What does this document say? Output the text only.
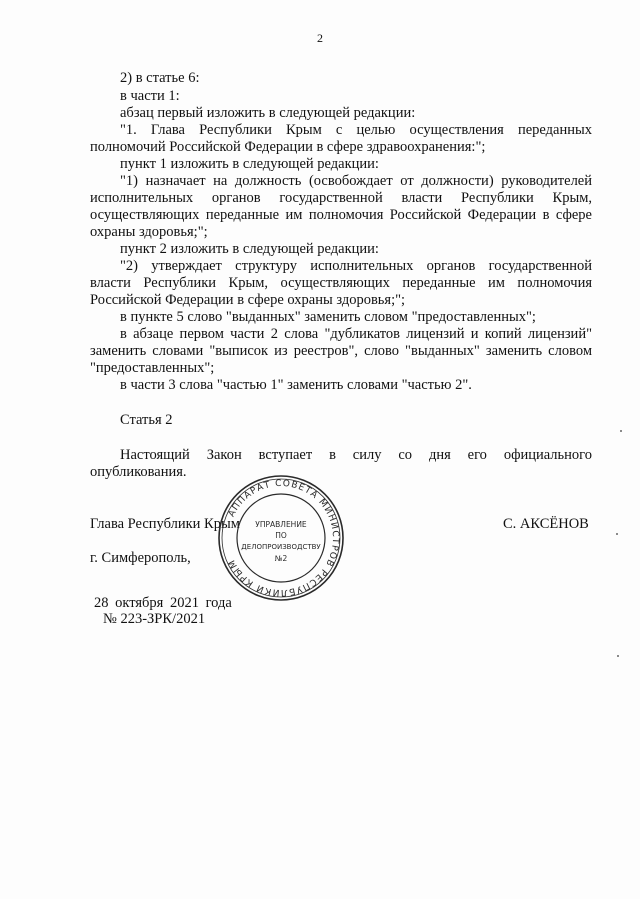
2
2) в статье 6:
в части 1:
абзац первый изложить в следующей редакции:
"1. Глава Республики Крым с целью осуществления переданных
полномочий Российской Федерации в сфере здравоохранения:";
пункт 1 изложить в следующей редакции:
"1) назначает на должность (освобождает от должности) руководителей
исполнительных органов государственной власти Республики Крым,
осуществляющих переданные им полномочия Российской Федерации в сфере
охраны здоровья;";
пункт 2 изложить в следующей редакции:
"2) утверждает структуру исполнительных органов государственной
власти Республики Крым, осуществляющих переданные им полномочия
Российской Федерации в сфере охраны здоровья;";
в пункте 5 слово "выданных" заменить словом "предоставленных";
в абзаце первом части 2 слова "дубликатов лицензий и копий лицензий"
заменить словами "выписок из реестров", слово "выданных" заменить словом
"предоставленных";
в части 3 слова "частью 1" заменить словами "частью 2".
Статья 2
Настоящий Закон вступает в силу со дня его официального
опубликования.
Глава Республики Крым	С. АКСЁНОВ
г. Симферополь,
28 октября 2021 года
№ 223-ЗРК/2021
АППАРАТ СОВЕТА МИНИСТРОВ РЕСПУБЛИКИ КРЫМ
УПРАВЛЕНИЕ
ПО
ДЕЛОПРОИЗВОДСТВУ
№2
